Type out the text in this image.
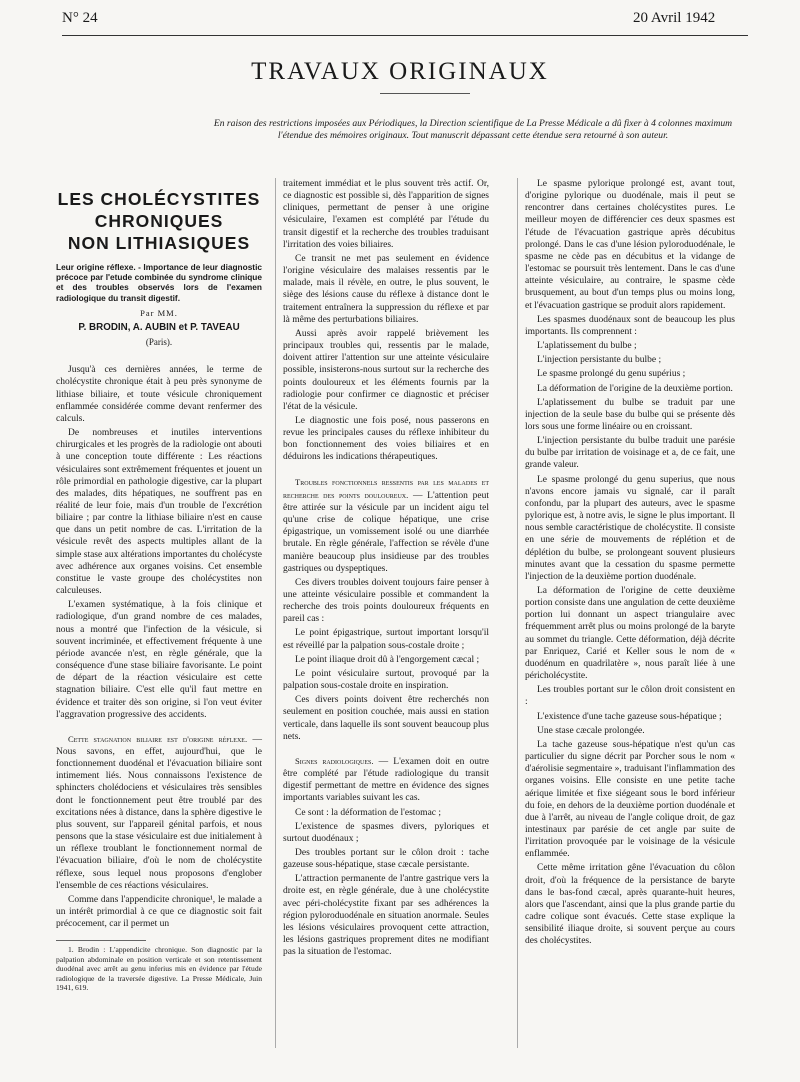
N° 24	20 Avril 1942
TRAVAUX ORIGINAUX
En raison des restrictions imposées aux Périodiques, la Direction scientifique de La Presse Médicale a dû fixer à 4 colonnes maximum l'étendue des mémoires originaux. Tout manuscrit dépassant cette étendue sera retourné à son auteur.
LES CHOLÉCYSTITES
CHRONIQUES
NON LITHIASIQUES

Leur origine réflexe. - Importance de leur diagnostic précoce par l'etude combinée du syndrome clinique et des troubles observés lors de l'examen radiologique du transit digestif.

Par MM.
P. BRODIN, A. AUBIN et P. TAVEAU
(Paris).

Jusqu'à ces dernières années, le terme de cholécystite chronique était à peu près synonyme de lithiase biliaire, et toute vésicule chroniquement enflammée considérée comme devant renfermer des calculs.

De nombreuses et inutiles interventions chirurgicales et les progrès de la radiologie ont abouti à une conception toute différente : Les réactions vésiculaires sont extrêmement fréquentes et jouent un rôle primordial en pathologie digestive, car la plupart des malades, dits hépatiques, ne souffrent pas en réalité de leur foie, mais d'un trouble de l'excrétion biliaire ; par contre la lithiase biliaire n'est en cause que dans un petit nombre de cas. L'irritation de la vésicule revêt des aspects multiples allant de la simple stase aux altérations importantes du cholécyste avec adhérence aux organes voisins. Cet ensemble constitue le vaste groupe des cholécystites non calculeuses.

L'examen systématique, à la fois clinique et radiologique, d'un grand nombre de ces malades, nous a montré que l'infection de la vésicule, si souvent incriminée, et effectivement fréquente à une période avancée n'est, en règle générale, que la conséquence d'une stase biliaire favorisante. Le point de départ de la réaction vésiculaire est cette stagnation biliaire. C'est elle qu'il faut mettre en évidence et traiter dès son origine, si l'on veut éviter l'aggravation progressive des accidents.

Cette stagnation biliaire est d'origine réflexe. — Nous savons, en effet, aujourd'hui, que le fonctionnement duodénal et l'évacuation biliaire sont intimement liés. Nous connaissons l'existence de sphincters cholédociens et vésiculaires très sensibles dont le fonctionnement peut être troublé par des excitations nées à distance, dans la sphère digestive le plus souvent, sur l'appareil génital parfois, et nous pensons que la stase vésiculaire est due initialement à un réflexe troublant le fonctionnement normal de l'évacuation biliaire, d'où le nom de cholécystite réflexe, sous lequel nous proposons d'englober l'ensemble de ces réactions vésiculaires.

Comme dans l'appendicite chronique¹, le malade a un intérêt primordial à ce que ce diagnostic soit fait précocement, car il permet un

1. Brodin : L'appendicite chronique. Son diagnostic par la palpation abdominale en position verticale et son retentissement duodénal avec arrêt au genu inferius mis en évidence par l'étude radiologique de la traversée digestive. La Presse Médicale, Juin 1941, 619.

traitement immédiat et le plus souvent très actif. Or, ce diagnostic est possible si, dès l'apparition de signes cliniques, permettant de penser à une origine vésiculaire, l'examen est complété par l'étude du transit digestif et la recherche des troubles traduisant l'irritation des voies biliaires.

Ce transit ne met pas seulement en évidence l'origine vésiculaire des malaises ressentis par le malade, mais il révèle, en outre, le plus souvent, le siège des lésions cause du réflexe à distance dont le traitement entraînera la suppression du réflexe et par là même des perturbations biliaires.

Aussi après avoir rappelé brièvement les principaux troubles qui, ressentis par le malade, doivent attirer l'attention sur une atteinte vésiculaire possible, insisterons-nous surtout sur la recherche des points douloureux et les éléments fournis par la radiologie pour confirmer ce diagnostic et préciser l'état de la vésicule.

Le diagnostic une fois posé, nous passerons en revue les principales causes du réflexe inhibiteur du bon fonctionnement des voies biliaires et en déduirons les indications thérapeutiques.

Troubles fonctionnels ressentis par les malades et recherche des points douloureux. — L'attention peut être attirée sur la vésicule par un incident aigu tel qu'une crise de colique hépatique, une crise épigastrique, un vomissement isolé ou une diarrhée brutale. En règle générale, l'affection se révèle d'une manière beaucoup plus insidieuse par des troubles gastriques ou dyspeptiques.

Ces divers troubles doivent toujours faire penser à une atteinte vésiculaire possible et commandent la recherche des trois points douloureux fréquents en pareil cas :

Le point épigastrique, surtout important lorsqu'il est réveillé par la palpation sous-costale droite ;

Le point iliaque droit dû à l'engorgement cæcal ;

Le point vésiculaire surtout, provoqué par la palpation sous-costale droite en inspiration.

Ces divers points doivent être recherchés non seulement en position couchée, mais aussi en station verticale, dans laquelle ils sont souvent beaucoup plus nets.

Signes radiologiques. — L'examen doit en outre être complété par l'étude radiologique du transit digestif permettant de mettre en évidence des signes importants variables suivant les cas.

Ce sont : la déformation de l'estomac ;

L'existence de spasmes divers, pyloriques et surtout duodénaux ;

Des troubles portant sur le côlon droit : tache gazeuse sous-hépatique, stase cæcale persistante.

L'attraction permanente de l'antre gastrique vers la droite est, en règle générale, due à une cholécystite avec péri-cholécystite fixant par ses adhérences la région pyloroduodénale en situation anormale. Seules les lésions vésiculaires provoquent cette attraction, les lésions gastriques proprement dites ne modifiant pas la situation de l'estomac.

Le spasme pylorique prolongé est, avant tout, d'origine pylorique ou duodénale, mais il peut se rencontrer dans certaines cholécystites pures. Le meilleur moyen de différencier ces deux spasmes est l'étude de l'évacuation gastrique après décubitus prolongé. Dans le cas d'une lésion pyloroduodénale, le spasme ne cède pas en décubitus et la vidange de l'estomac se poursuit très lentement. Dans le cas d'une atteinte vésiculaire, au contraire, le spasme cède brusquement, au bout d'un temps plus ou moins long, et l'évacuation gastrique se produit alors rapidement.

Les spasmes duodénaux sont de beaucoup les plus importants. Ils comprennent :

L'aplatissement du bulbe ;

L'injection persistante du bulbe ;

Le spasme prolongé du genu supérius ;

La déformation de l'origine de la deuxième portion.

L'aplatissement du bulbe se traduit par une injection de la seule base du bulbe qui se présente dès lors sous une forme linéaire ou en croissant.

L'injection persistante du bulbe traduit une parésie du bulbe par irritation de voisinage et a, de ce fait, une grande valeur.

Le spasme prolongé du genu superius, que nous n'avons encore jamais vu signalé, car il paraît confondu, par la plupart des auteurs, avec le spasme pylorique est, à notre avis, le signe le plus important. Il nous semble caractéristique de cholécystite. Il consiste en une série de mouvements de réplétion et de déplétion du bulbe, se prolongeant souvent plusieurs minutes avant que la cessation du spasme permette l'injection de la deuxième portion duodénale.

La déformation de l'origine de cette deuxième portion consiste dans une angulation de cette deuxième portion lui donnant un aspect triangulaire avec fréquemment arrêt plus ou moins prolongé de la baryte au sommet du triangle. Cette déformation, déjà décrite par Enriquez, Carié et Keller sous le nom de « duodénum en quadrilatère », nous paraît liée à une péricholécystite.

Les troubles portant sur le côlon droit consistent en :

L'existence d'une tache gazeuse sous-hépatique ;

Une stase cæcale prolongée.

La tache gazeuse sous-hépatique n'est qu'un cas particulier du signe décrit par Porcher sous le nom « d'aérolisie segmentaire », traduisant l'inflammation des organes voisins. Elle consiste en une petite tache aérique limitée et fixe siégeant sous le bord inférieur du foie, en dehors de la deuxième portion duodénale et due à l'arrêt, au niveau de l'angle colique droit, de gaz intestinaux par parésie de cet angle par suite de l'irritation provoquée par le voisinage de la vésicule enflammée.

Cette même irritation gêne l'évacuation du côlon droit, d'où la fréquence de la persistance de baryte dans le bas-fond cæcal, après quarante-huit heures, alors que l'ascendant, ainsi que la plus grande partie du cadre colique sont évacués. Cette stase explique la sensibilité iliaque droite, si souvent perçue au cours des cholécystites.
